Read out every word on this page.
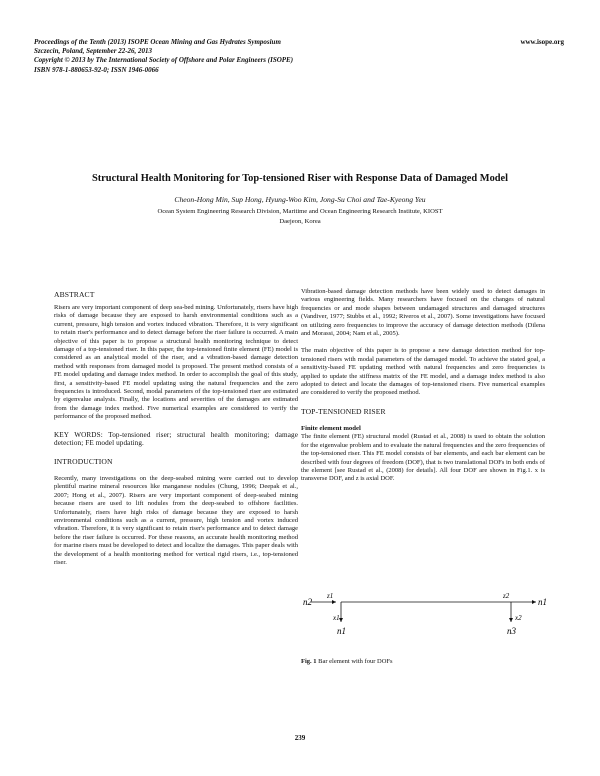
Proceedings of the Tenth (2013) ISOPE Ocean Mining and Gas Hydrates Symposium
Szczecin, Poland, September 22-26, 2013
Copyright © 2013 by The International Society of Offshore and Polar Engineers (ISOPE)
ISBN 978-1-880653-92-0; ISSN 1946-0066
www.isope.org
Structural Health Monitoring for Top-tensioned Riser with Response Data of Damaged Model
Cheon-Hong Min, Sup Hong, Hyung-Woo Kim, Jong-Su Choi and Tae-Kyeong Yeu
Ocean System Engineering Research Division, Maritime and Ocean Engineering Research Institute, KIOST
Daejeon, Korea

ABSTRACT

Risers are very important component of deep sea-bed mining. Unfortunately, risers have high risks of damage because they are exposed to harsh environmental conditions such as a current, pressure, high tension and vortex induced vibration. Therefore, it is very significant to retain riser's performance and to detect damage before the riser failure is occurred. A main objective of this paper is to propose a structural health monitoring technique to detect damage of a top-tensioned riser. In this paper, the top-tensioned finite element (FE) model is considered as an analytical model of the riser, and a vibration-based damage detection method with responses from damaged model is proposed. The present method consists of a FE model updating and damage index method. In order to accomplish the goal of this study, first, a sensitivity-based FE model updating using the natural frequencies and the zero frequencies is introduced. Second, modal parameters of the top-tensioned riser are estimated by eigenvalue analysis. Finally, the locations and severities of the damages are estimated from the damage index method. Five numerical examples are considered to verify the performance of the proposed method.

KEY WORDS: Top-tensioned riser; structural health monitoring; damage detection; FE model updating.

INTRODUCTION

Recently, many investigations on the deep-seabed mining were carried out to develop plentiful marine mineral resources like manganese nodules (Chung, 1996; Deepak et al., 2007; Hong et al., 2007). Risers are very important component of deep-seabed mining because risers are used to lift nodules from the deep-seabed to offshore facilities. Unfortunately, risers have high risks of damage because they are exposed to harsh environmental conditions such as a current, pressure, high tension and vortex induced vibration. Therefore, it is very significant to retain riser's performance and to detect damage before the riser failure is occurred. For these reasons, an accurate health monitoring method for marine risers must be developed to detect and localize the damages. This paper deals with the development of a health monitoring method for vertical rigid risers, i.e., top-tensioned riser.

Vibration-based damage detection methods have been widely used to detect damages in various engineering fields. Many researchers have focused on the changes of natural frequencies or and mode shapes between undamaged structures and damaged structures (Vandiver, 1977; Stubbs et al., 1992; Riveros et al., 2007). Some investigations have focused on utilizing zero frequencies to improve the accuracy of damage detection methods (Dilena and Morassi, 2004; Nam et al., 2005).

The main objective of this paper is to propose a new damage detection method for top-tensioned risers with modal parameters of the damaged model. To achieve the stated goal, a sensitivity-based FE updating method with natural frequencies and zero frequencies is applied to update the stiffness matrix of the FE model, and a damage index method is also adopted to detect and locate the damages of top-tensioned risers. Five numerical examples are considered to verify the proposed method.

TOP-TENSIONED RISER

Finite element model

The finite element (FE) structural model (Rustad et al., 2008) is used to obtain the solution for the eigenvalue problem and to evaluate the natural frequencies and the zero frequencies of the top-tensioned riser. This FE model consists of bar elements, and each bar element can be described with four degrees of freedom (DOF), that is two translational DOFs in both ends of the element [see Rustad et al., (2008) for details]. All four DOF are shown in Fig.1. x is transverse DOF, and z is axial DOF.

n2
z1
x1
n1
z2
n1
x2
n3
Fig. 1 Bar element with four DOFs
239
